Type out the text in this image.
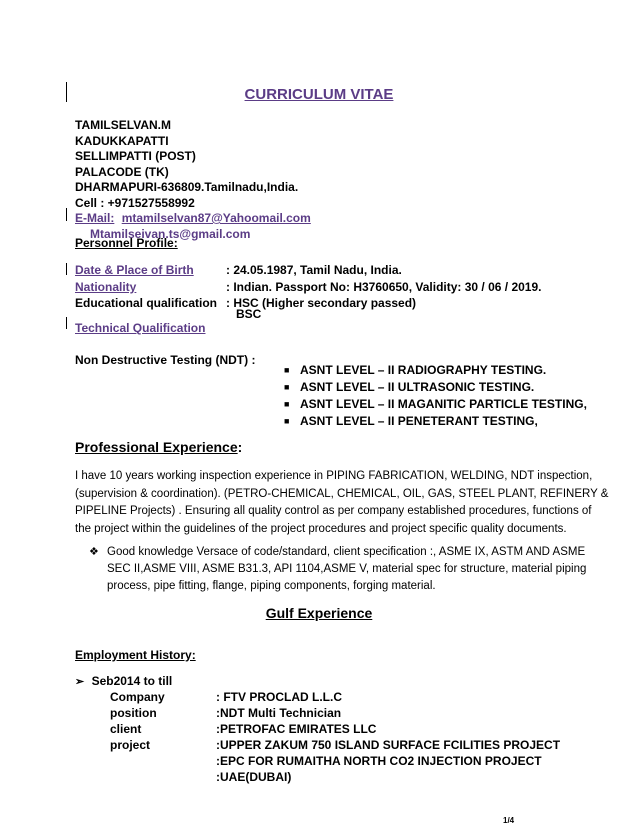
CURRICULUM VITAE
TAMILSELVAN.M
KADUKKAPATTI
SELLIMPATTI (POST)
PALACODE (TK)
DHARMAPURI-636809.Tamilnadu,India.
Cell : +971527558992
E-Mail: mtamilselvan87@Yahoomail.com
Mtamilseivan.ts@gmail.com
Personnel Profile:
Date & Place of Birth	: 24.05.1987, Tamil Nadu, India.
Nationality	: Indian. Passport No: H3760650, Validity: 30 / 06 / 2019.
Educational qualification : HSC (Higher secondary passed)
BSC
Technical Qualification
Non Destructive Testing (NDT) :
■ ASNT LEVEL – II RADIOGRAPHY TESTING.
■ ASNT LEVEL – II ULTRASONIC TESTING.
■ ASNT LEVEL – II MAGANITIC PARTICLE TESTING,
■ ASNT LEVEL – II PENETERANT TESTING,
Professional Experience:
I have 10 years working inspection experience in PIPING FABRICATION, WELDING, NDT inspection,
(supervision & coordination). (PETRO-CHEMICAL, CHEMICAL, OIL, GAS, STEEL PLANT, REFINERY &
PIPELINE Projects) . Ensuring all quality control as per company established procedures, functions of
the project within the guidelines of the project procedures and project specific quality documents.
❖ Good knowledge Versace of code/standard, client specification :, ASME IX, ASTM AND ASME
SEC II,ASME VIII, ASME B31.3, API 1104,ASME V, material spec for structure, material piping
process, pipe fitting, flange, piping components, forging material.
Gulf Experience
Employment History:
➢ Seb2014 to till
Company	: FTV PROCLAD L.L.C
position	:NDT Multi Technician
client	:PETROFAC EMIRATES LLC
project	:UPPER ZAKUM 750 ISLAND SURFACE FCILITIES PROJECT
:EPC FOR RUMAITHA NORTH CO2 INJECTION PROJECT
:UAE(DUBAI)
1/4
